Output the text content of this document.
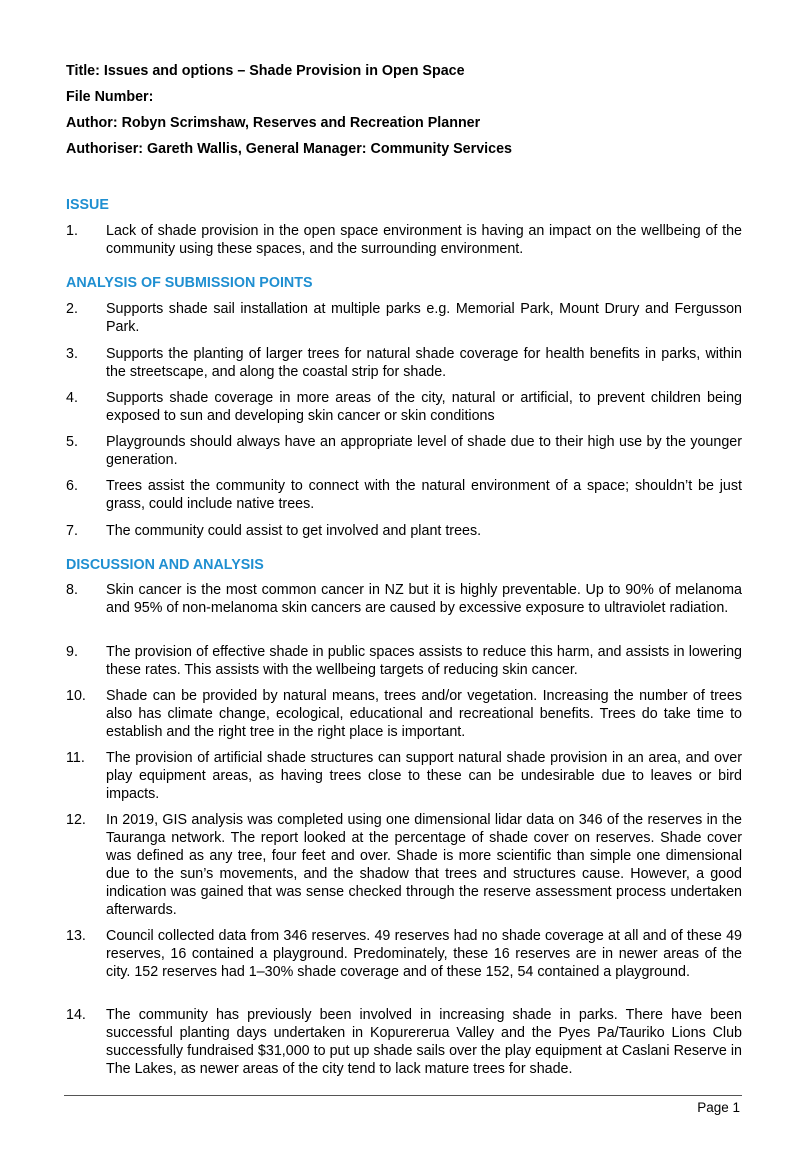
Title: Issues and options – Shade Provision in Open Space
File Number:
Author: Robyn Scrimshaw, Reserves and Recreation Planner
Authoriser: Gareth Wallis, General Manager: Community Services
ISSUE
1.	Lack of shade provision in the open space environment is having an impact on the wellbeing of the community using these spaces, and the surrounding environment.
ANALYSIS OF SUBMISSION POINTS
2.	Supports shade sail installation at multiple parks e.g. Memorial Park, Mount Drury and Fergusson Park.
3.	Supports the planting of larger trees for natural shade coverage for health benefits in parks, within the streetscape, and along the coastal strip for shade.
4.	Supports shade coverage in more areas of the city, natural or artificial, to prevent children being exposed to sun and developing skin cancer or skin conditions
5.	Playgrounds should always have an appropriate level of shade due to their high use by the younger generation.
6.	Trees assist the community to connect with the natural environment of a space; shouldn’t be just grass, could include native trees.
7.	The community could assist to get involved and plant trees.
DISCUSSION AND ANALYSIS
8.	Skin cancer is the most common cancer in NZ but it is highly preventable. Up to 90% of melanoma and 95% of non-melanoma skin cancers are caused by excessive exposure to ultraviolet radiation.
9.	The provision of effective shade in public spaces assists to reduce this harm, and assists in lowering these rates. This assists with the wellbeing targets of reducing skin cancer.
10.	Shade can be provided by natural means, trees and/or vegetation. Increasing the number of trees also has climate change, ecological, educational and recreational benefits. Trees do take time to establish and the right tree in the right place is important.
11.	The provision of artificial shade structures can support natural shade provision in an area, and over play equipment areas, as having trees close to these can be undesirable due to leaves or bird impacts.
12.	In 2019, GIS analysis was completed using one dimensional lidar data on 346 of the reserves in the Tauranga network. The report looked at the percentage of shade cover on reserves. Shade cover was defined as any tree, four feet and over. Shade is more scientific than simple one dimensional due to the sun’s movements, and the shadow that trees and structures cause. However, a good indication was gained that was sense checked through the reserve assessment process undertaken afterwards.
13.	Council collected data from 346 reserves. 49 reserves had no shade coverage at all and of these 49 reserves, 16 contained a playground. Predominately, these 16 reserves are in newer areas of the city. 152 reserves had 1–30% shade coverage and of these 152, 54 contained a playground.
14.	The community has previously been involved in increasing shade in parks. There have been successful planting days undertaken in Kopurererua Valley and the Pyes Pa/Tauriko Lions Club successfully fundraised $31,000 to put up shade sails over the play equipment at Caslani Reserve in The Lakes, as newer areas of the city tend to lack mature trees for shade.
Page 1
